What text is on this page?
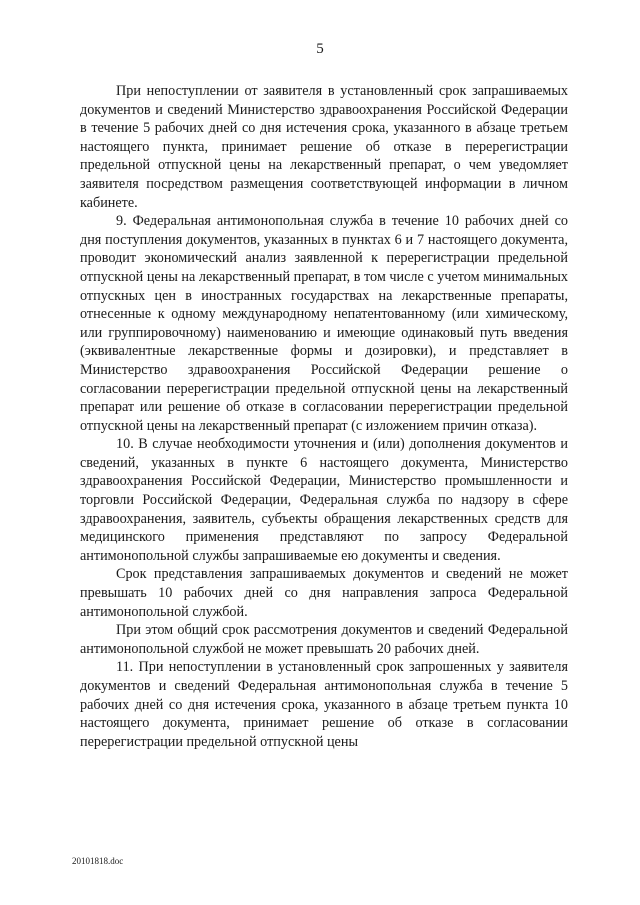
5

При непоступлении от заявителя в установленный срок запрашиваемых документов и сведений Министерство здравоохранения Российской Федерации в течение 5 рабочих дней со дня истечения срока, указанного в абзаце третьем настоящего пункта, принимает решение об отказе в перерегистрации предельной отпускной цены на лекарственный препарат, о чем уведомляет заявителя посредством размещения соответствующей информации в личном кабинете.

9. Федеральная антимонопольная служба в течение 10 рабочих дней со дня поступления документов, указанных в пунктах 6 и 7 настоящего документа, проводит экономический анализ заявленной к перерегистрации предельной отпускной цены на лекарственный препарат, в том числе с учетом минимальных отпускных цен в иностранных государствах на лекарственные препараты, отнесенные к одному международному непатентованному (или химическому, или группировочному) наименованию и имеющие одинаковый путь введения (эквивалентные лекарственные формы и дозировки), и представляет в Министерство здравоохранения Российской Федерации решение о согласовании перерегистрации предельной отпускной цены на лекарственный препарат или решение об отказе в согласовании перерегистрации предельной отпускной цены на лекарственный препарат (с изложением причин отказа).

10. В случае необходимости уточнения и (или) дополнения документов и сведений, указанных в пункте 6 настоящего документа, Министерство здравоохранения Российской Федерации, Министерство промышленности и торговли Российской Федерации, Федеральная служба по надзору в сфере здравоохранения, заявитель, субъекты обращения лекарственных средств для медицинского применения представляют по запросу Федеральной антимонопольной службы запрашиваемые ею документы и сведения.

Срок представления запрашиваемых документов и сведений не может превышать 10 рабочих дней со дня направления запроса Федеральной антимонопольной службой.

При этом общий срок рассмотрения документов и сведений Федеральной антимонопольной службой не может превышать 20 рабочих дней.

11. При непоступлении в установленный срок запрошенных у заявителя документов и сведений Федеральная антимонопольная служба в течение 5 рабочих дней со дня истечения срока, указанного в абзаце третьем пункта 10 настоящего документа, принимает решение об отказе в согласовании перерегистрации предельной отпускной цены

20101818.doc
